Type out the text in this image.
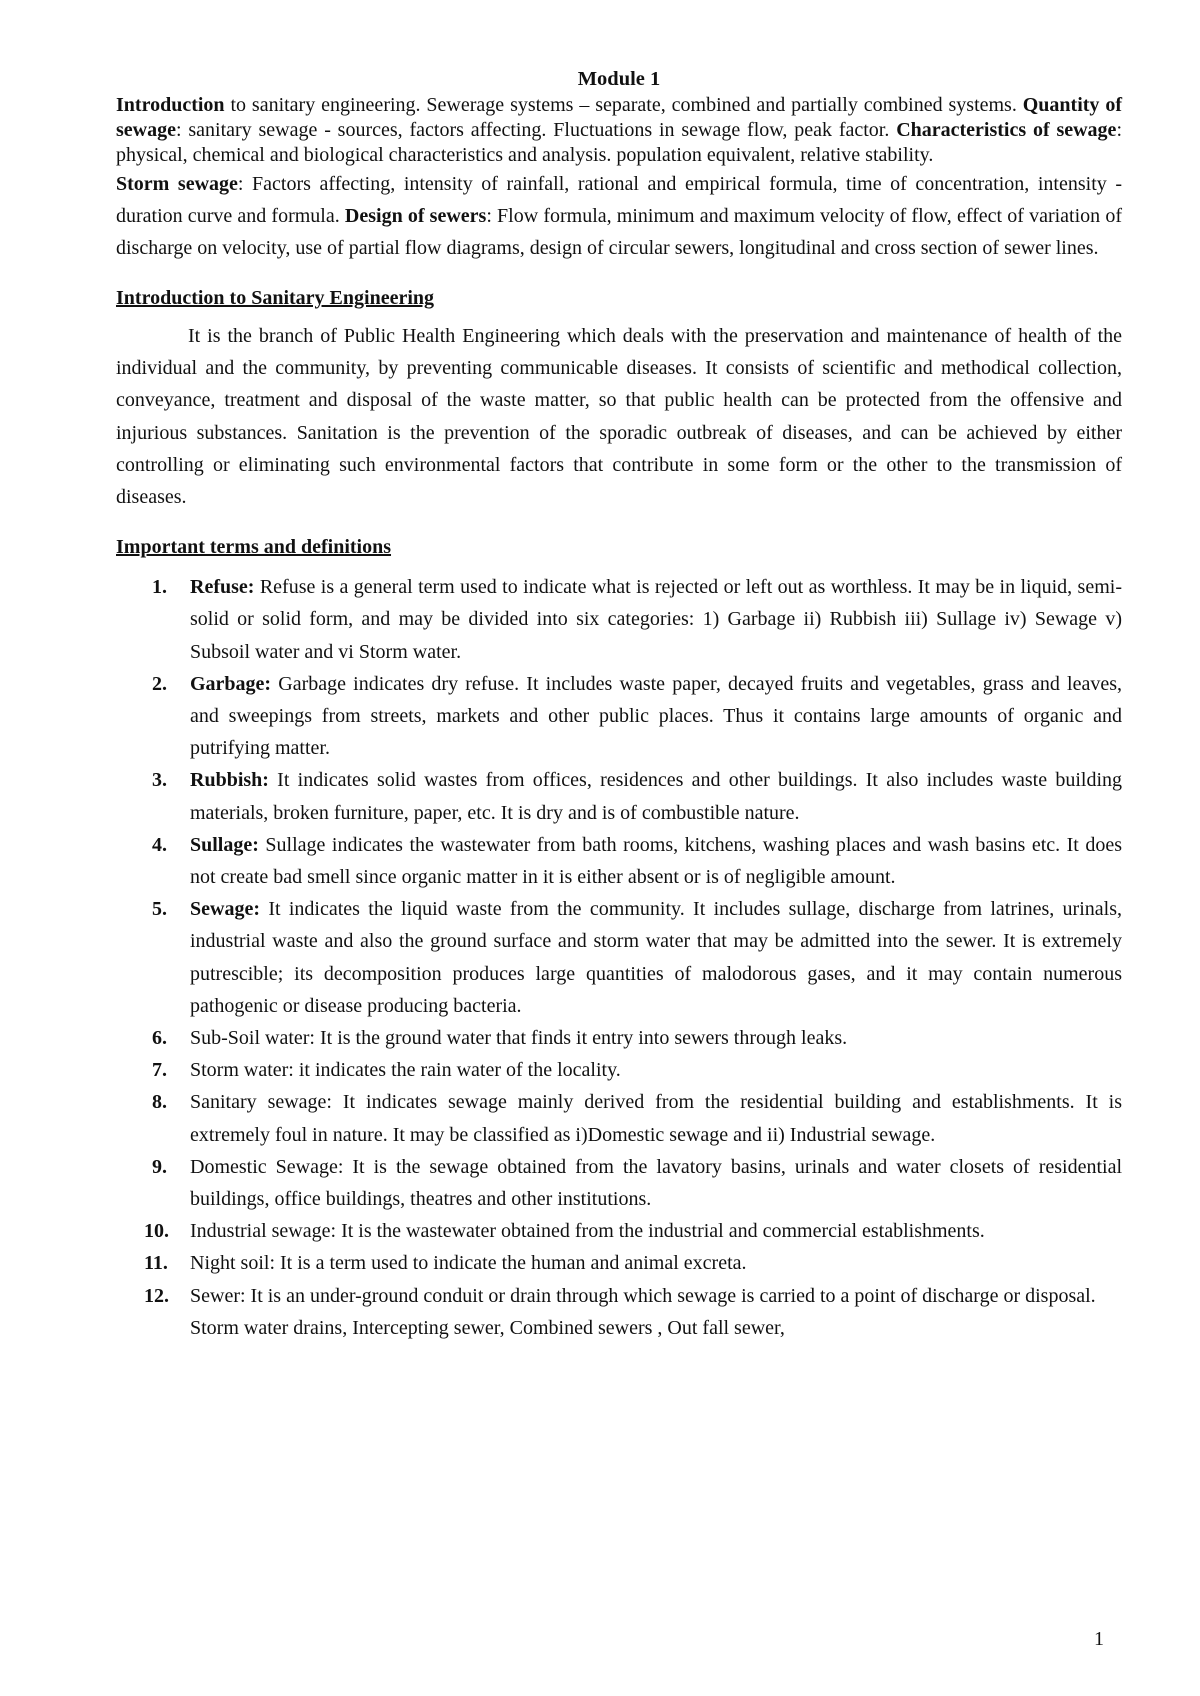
Module 1

Introduction to sanitary engineering. Sewerage systems – separate, combined and partially combined systems. Quantity of sewage: sanitary sewage - sources, factors affecting. Fluctuations in sewage flow, peak factor. Characteristics of sewage: physical, chemical and biological characteristics and analysis. population equivalent, relative stability.

Storm sewage: Factors affecting, intensity of rainfall, rational and empirical formula, time of concentration, intensity - duration curve and formula. Design of sewers: Flow formula, minimum and maximum velocity of flow, effect of variation of discharge on velocity, use of partial flow diagrams, design of circular sewers, longitudinal and cross section of sewer lines.

Introduction to Sanitary Engineering

It is the branch of Public Health Engineering which deals with the preservation and maintenance of health of the individual and the community, by preventing communicable diseases. It consists of scientific and methodical collection, conveyance, treatment and disposal of the waste matter, so that public health can be protected from the offensive and injurious substances. Sanitation is the prevention of the sporadic outbreak of diseases, and can be achieved by either controlling or eliminating such environmental factors that contribute in some form or the other to the transmission of diseases.

Important terms and definitions
1. Refuse: Refuse is a general term used to indicate what is rejected or left out as worthless. It may be in liquid, semi-solid or solid form, and may be divided into six categories: 1) Garbage ii) Rubbish iii) Sullage iv) Sewage v) Subsoil water and vi Storm water.
2. Garbage: Garbage indicates dry refuse. It includes waste paper, decayed fruits and vegetables, grass and leaves, and sweepings from streets, markets and other public places. Thus it contains large amounts of organic and putrifying matter.
3. Rubbish: It indicates solid wastes from offices, residences and other buildings. It also includes waste building materials, broken furniture, paper, etc. It is dry and is of combustible nature.
4. Sullage: Sullage indicates the wastewater from bath rooms, kitchens, washing places and wash basins etc. It does not create bad smell since organic matter in it is either absent or is of negligible amount.
5. Sewage: It indicates the liquid waste from the community. It includes sullage, discharge from latrines, urinals, industrial waste and also the ground surface and storm water that may be admitted into the sewer. It is extremely putrescible; its decomposition produces large quantities of malodorous gases, and it may contain numerous pathogenic or disease producing bacteria.
6. Sub-Soil water: It is the ground water that finds it entry into sewers through leaks.
7. Storm water: it indicates the rain water of the locality.
8. Sanitary sewage: It indicates sewage mainly derived from the residential building and establishments. It is extremely foul in nature. It may be classified as i)Domestic sewage and ii) Industrial sewage.
9. Domestic Sewage: It is the sewage obtained from the lavatory basins, urinals and water closets of residential buildings, office buildings, theatres and other institutions.
10. Industrial sewage: It is the wastewater obtained from the industrial and commercial establishments.
11. Night soil: It is a term used to indicate the human and animal excreta.
12. Sewer: It is an under-ground conduit or drain through which sewage is carried to a point of discharge or disposal.

Storm water drains, Intercepting sewer, Combined sewers , Out fall sewer,

1
